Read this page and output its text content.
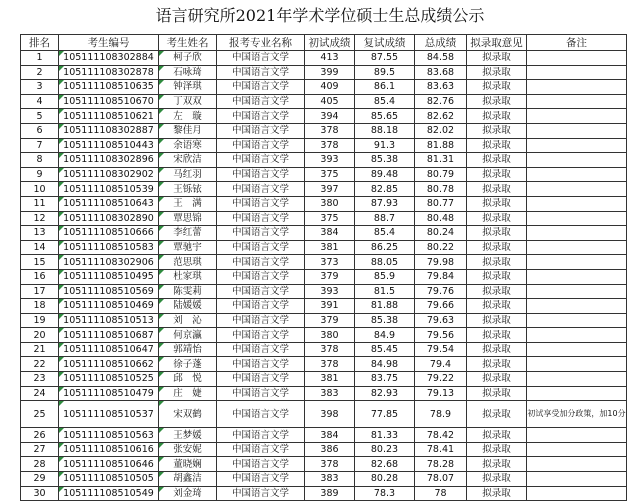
语言研究所2021年学术学位硕士生总成绩公示
排名	考生编号	考生姓名	报考专业名称	初试成绩	复试成绩	总成绩	拟录取意见	备注
1	105111108302884	柯子欣	中国语言文学	413	87.55	84.58	拟录取	
2	105111108302878	石咏琦	中国语言文学	399	89.5	83.68	拟录取	
3	105111108510635	钟泽琪	中国语言文学	409	86.1	83.63	拟录取	
4	105111108510670	丁双双	中国语言文学	405	85.4	82.76	拟录取	
5	105111108510621	左　璇	中国语言文学	394	85.65	82.62	拟录取	
6	105111108302887	黎佳月	中国语言文学	378	88.18	82.02	拟录取	
7	105111108510443	余语寒	中国语言文学	378	91.3	81.88	拟录取	
8	105111108302896	宋欣洁	中国语言文学	393	85.38	81.31	拟录取	
9	105111108302902	马红羽	中国语言文学	375	89.48	80.79	拟录取	
10	105111108510539	王铄铱	中国语言文学	397	82.85	80.78	拟录取	
11	105111108510643	王　满	中国语言文学	380	87.93	80.77	拟录取	
12	105111108302890	覃思锦	中国语言文学	375	88.7	80.48	拟录取	
13	105111108510666	李红蕾	中国语言文学	384	85.4	80.24	拟录取	
14	105111108510583	覃驰宇	中国语言文学	381	86.25	80.22	拟录取	
15	105111108302906	范思琪	中国语言文学	373	88.05	79.98	拟录取	
16	105111108510495	杜家琪	中国语言文学	379	85.9	79.84	拟录取	
17	105111108510569	陈雯莉	中国语言文学	393	81.5	79.76	拟录取	
18	105111108510469	陆媛媛	中国语言文学	391	81.88	79.66	拟录取	
19	105111108510513	刘　沁	中国语言文学	379	85.38	79.63	拟录取	
20	105111108510687	何京瀛	中国语言文学	380	84.9	79.56	拟录取	
21	105111108510647	郭靖怡	中国语言文学	378	85.45	79.54	拟录取	
22	105111108510662	徐子蓬	中国语言文学	378	84.98	79.4	拟录取	
23	105111108510525	邱　悦	中国语言文学	381	83.75	79.22	拟录取	
24	105111108510479	庄　婕	中国语言文学	383	82.93	79.13	拟录取	
25	105111108510537	宋双鹤	中国语言文学	398	77.85	78.9	拟录取	初试享受加分政策，加10分
26	105111108510563	王梦媛	中国语言文学	384	81.33	78.42	拟录取	
27	105111108510616	张安妮	中国语言文学	386	80.23	78.41	拟录取	
28	105111108510646	董晓娴	中国语言文学	378	82.68	78.28	拟录取	
29	105111108510505	胡鑫洁	中国语言文学	383	80.28	78.07	拟录取	
30	105111108510549	刘金琦	中国语言文学	389	78.3	78	拟录取	
